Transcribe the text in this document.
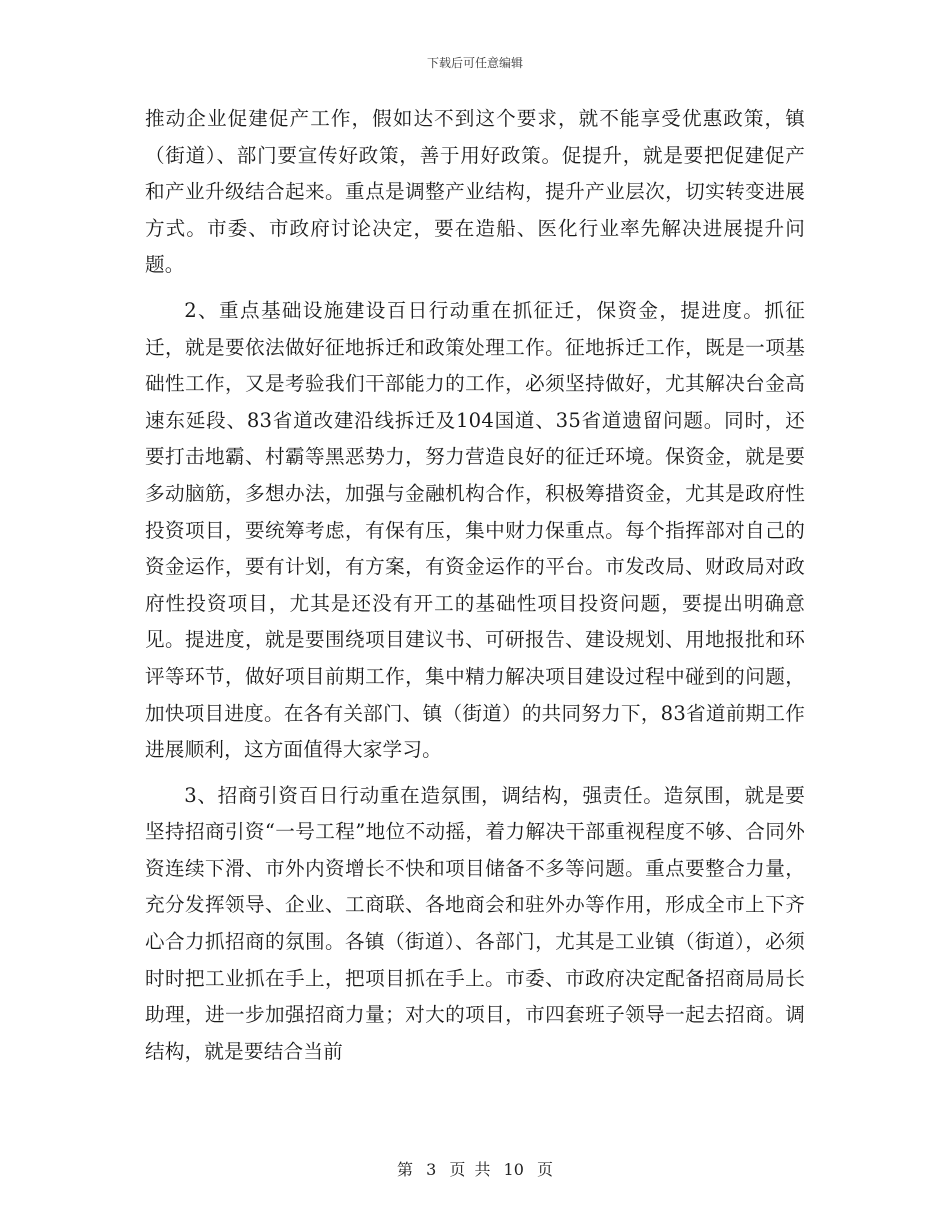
下载后可任意编辑

推动企业促建促产工作，假如达不到这个要求，就不能享受优惠政策，镇（街道）、部门要宣传好政策，善于用好政策。促提升，就是要把促建促产和产业升级结合起来。重点是调整产业结构，提升产业层次，切实转变进展方式。市委、市政府讨论决定，要在造船、医化行业率先解决进展提升问题。

2、重点基础设施建设百日行动重在抓征迁，保资金，提进度。抓征迁，就是要依法做好征地拆迁和政策处理工作。征地拆迁工作，既是一项基础性工作，又是考验我们干部能力的工作，必须坚持做好，尤其解决台金高速东延段、83省道改建沿线拆迁及104国道、35省道遗留问题。同时，还要打击地霸、村霸等黑恶势力，努力营造良好的征迁环境。保资金，就是要多动脑筋，多想办法，加强与金融机构合作，积极筹措资金，尤其是政府性投资项目，要统筹考虑，有保有压，集中财力保重点。每个指挥部对自己的资金运作，要有计划，有方案，有资金运作的平台。市发改局、财政局对政府性投资项目，尤其是还没有开工的基础性项目投资问题，要提出明确意见。提进度，就是要围绕项目建议书、可研报告、建设规划、用地报批和环评等环节，做好项目前期工作，集中精力解决项目建设过程中碰到的问题，加快项目进度。在各有关部门、镇（街道）的共同努力下，83省道前期工作进展顺利，这方面值得大家学习。

3、招商引资百日行动重在造氛围，调结构，强责任。造氛围，就是要坚持招商引资“一号工程”地位不动摇，着力解决干部重视程度不够、合同外资连续下滑、市外内资增长不快和项目储备不多等问题。重点要整合力量，充分发挥领导、企业、工商联、各地商会和驻外办等作用，形成全市上下齐心合力抓招商的氛围。各镇（街道）、各部门，尤其是工业镇（街道），必须时时把工业抓在手上，把项目抓在手上。市委、市政府决定配备招商局局长助理，进一步加强招商力量；对大的项目，市四套班子领导一起去招商。调结构，就是要结合当前

第 3 页 共 10 页
